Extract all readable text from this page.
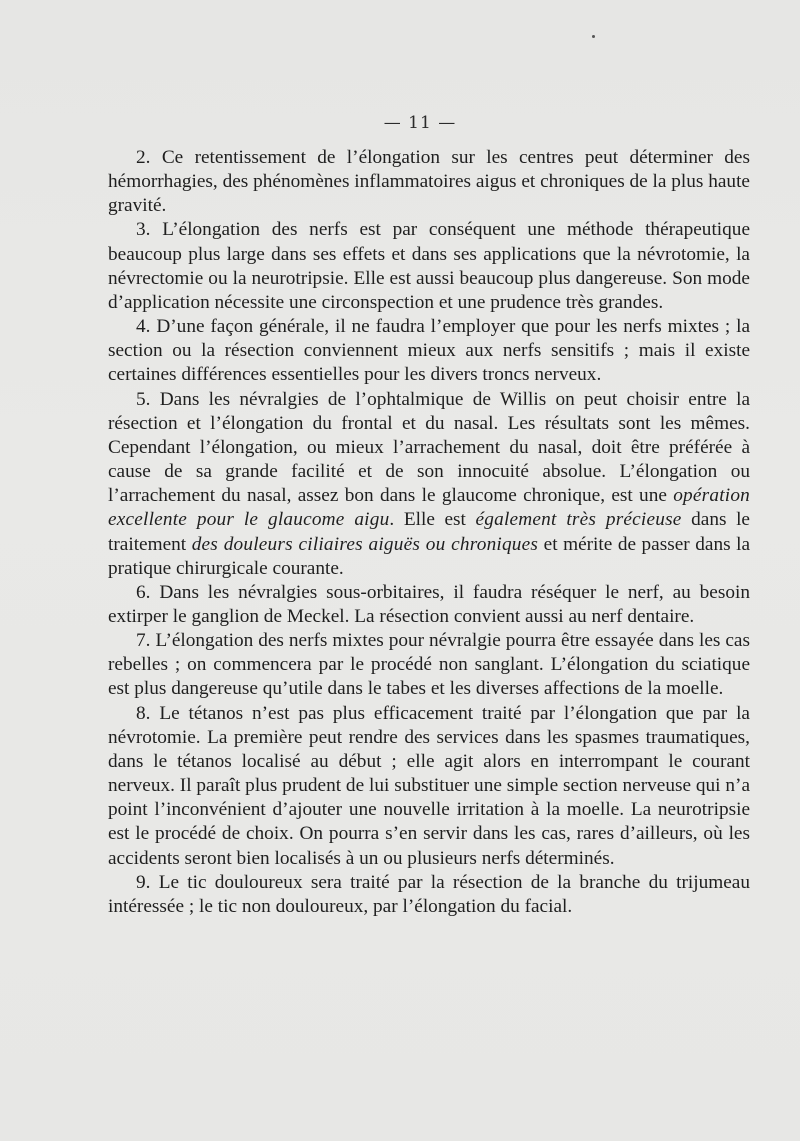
— 11 —

2. Ce retentissement de l’élongation sur les centres peut déterminer des hémorrhagies, des phénomènes inflammatoires aigus et chroniques de la plus haute gravité.

3. L’élongation des nerfs est par conséquent une méthode thérapeutique beaucoup plus large dans ses effets et dans ses applications que la névrotomie, la névrectomie ou la neurotripsie. Elle est aussi beaucoup plus dangereuse. Son mode d’application nécessite une circonspection et une prudence très grandes.

4. D’une façon générale, il ne faudra l’employer que pour les nerfs mixtes ; la section ou la résection conviennent mieux aux nerfs sensitifs ; mais il existe certaines différences essentielles pour les divers troncs nerveux.

5. Dans les névralgies de l’ophtalmique de Willis on peut choisir entre la résection et l’élongation du frontal et du nasal. Les résultats sont les mêmes. Cependant l’élongation, ou mieux l’arrachement du nasal, doit être préférée à cause de sa grande facilité et de son innocuité absolue. L’élongation ou l’arrachement du nasal, assez bon dans le glaucome chronique, est une opération excellente pour le glaucome aigu. Elle est également très précieuse dans le traitement des douleurs ciliaires aiguës ou chroniques et mérite de passer dans la pratique chirurgicale courante.

6. Dans les névralgies sous-orbitaires, il faudra réséquer le nerf, au besoin extirper le ganglion de Meckel. La résection convient aussi au nerf dentaire.

7. L’élongation des nerfs mixtes pour névralgie pourra être essayée dans les cas rebelles ; on commencera par le procédé non sanglant. L’élongation du sciatique est plus dangereuse qu’utile dans le tabes et les diverses affections de la moelle.

8. Le tétanos n’est pas plus efficacement traité par l’élongation que par la névrotomie. La première peut rendre des services dans les spasmes traumatiques, dans le tétanos localisé au début ; elle agit alors en interrompant le courant nerveux. Il paraît plus prudent de lui substituer une simple section nerveuse qui n’a point l’inconvénient d’ajouter une nouvelle irritation à la moelle. La neurotripsie est le procédé de choix. On pourra s’en servir dans les cas, rares d’ailleurs, où les accidents seront bien localisés à un ou plusieurs nerfs déterminés.

9. Le tic douloureux sera traité par la résection de la branche du trijumeau intéressée ; le tic non douloureux, par l’élongation du facial.
